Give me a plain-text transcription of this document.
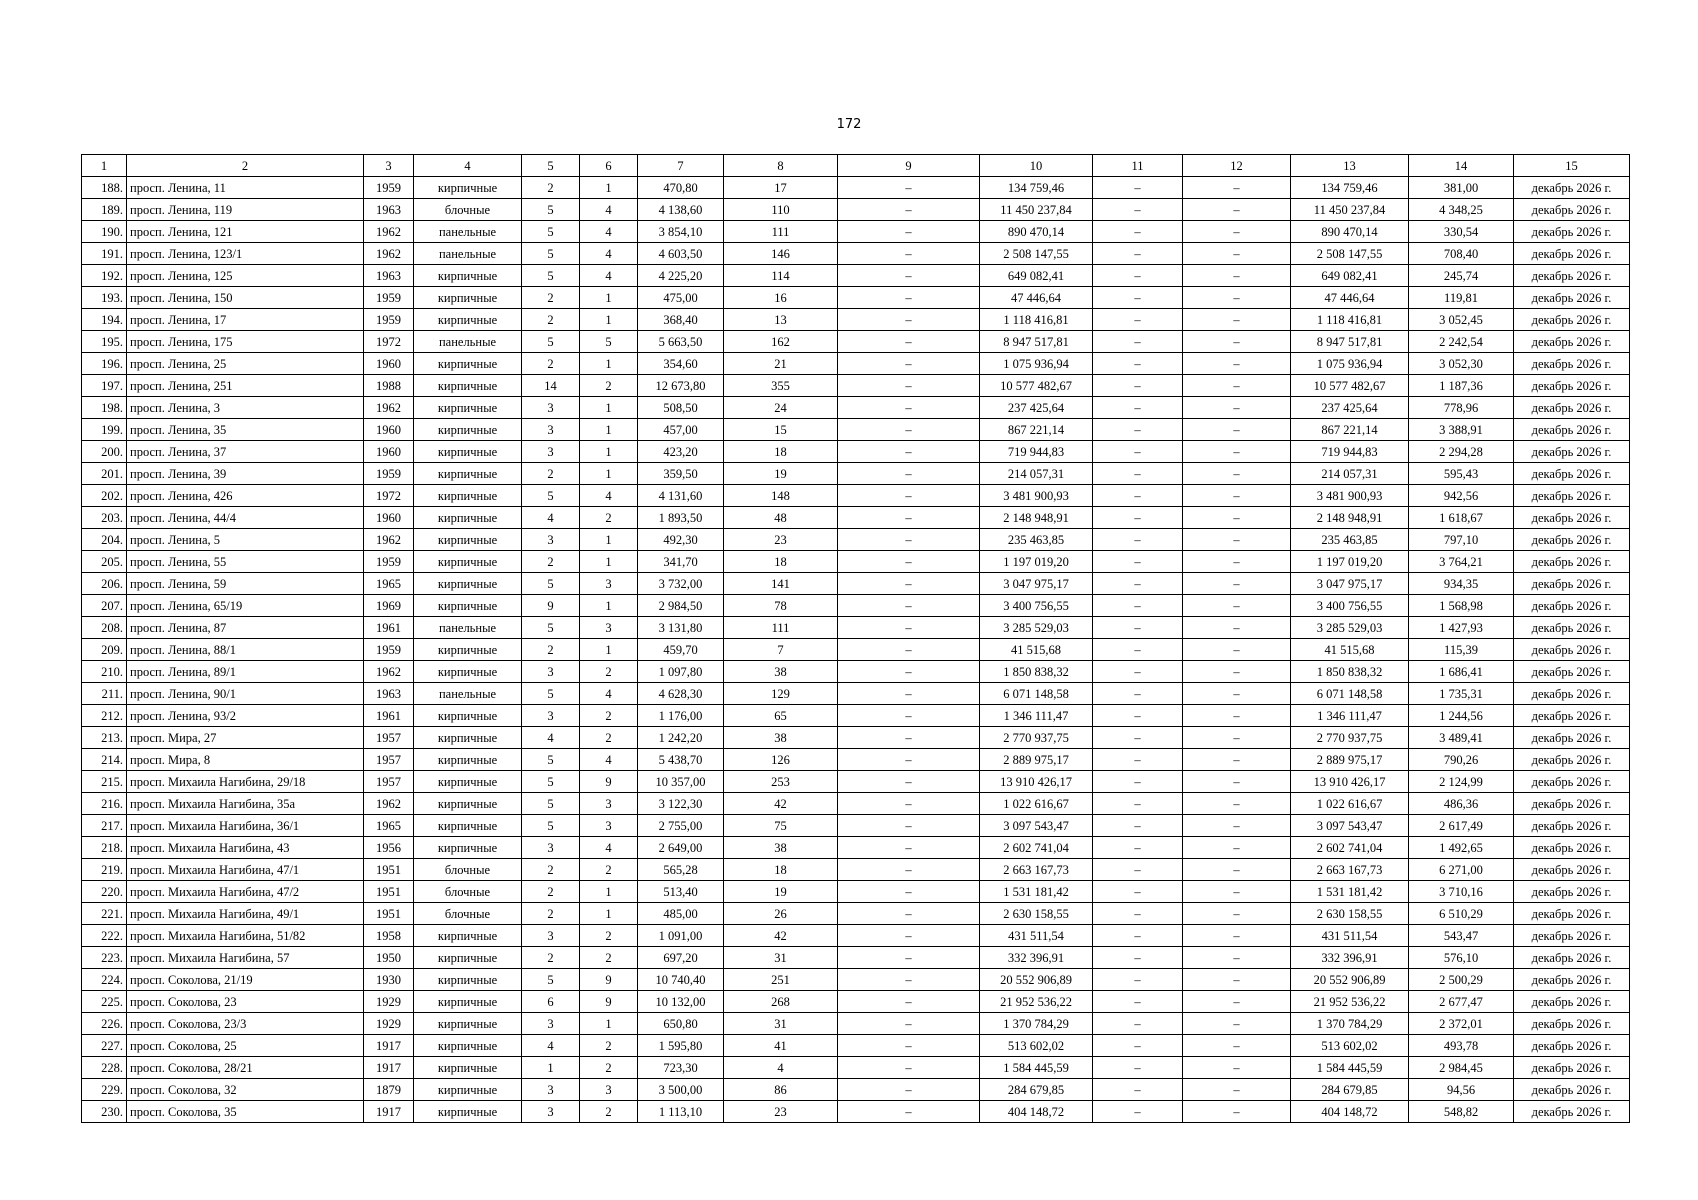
172
1	2	3	4	5	6	7	8	9	10	11	12	13	14	15
188.	просп. Ленина, 11	1959	кирпичные	2	1	470,80	17	–	134 759,46	–	–	134 759,46	381,00	декабрь 2026 г.
189.	просп. Ленина, 119	1963	блочные	5	4	4 138,60	110	–	11 450 237,84	–	–	11 450 237,84	4 348,25	декабрь 2026 г.
190.	просп. Ленина, 121	1962	панельные	5	4	3 854,10	111	–	890 470,14	–	–	890 470,14	330,54	декабрь 2026 г.
191.	просп. Ленина, 123/1	1962	панельные	5	4	4 603,50	146	–	2 508 147,55	–	–	2 508 147,55	708,40	декабрь 2026 г.
192.	просп. Ленина, 125	1963	кирпичные	5	4	4 225,20	114	–	649 082,41	–	–	649 082,41	245,74	декабрь 2026 г.
193.	просп. Ленина, 150	1959	кирпичные	2	1	475,00	16	–	47 446,64	–	–	47 446,64	119,81	декабрь 2026 г.
194.	просп. Ленина, 17	1959	кирпичные	2	1	368,40	13	–	1 118 416,81	–	–	1 118 416,81	3 052,45	декабрь 2026 г.
195.	просп. Ленина, 175	1972	панельные	5	5	5 663,50	162	–	8 947 517,81	–	–	8 947 517,81	2 242,54	декабрь 2026 г.
196.	просп. Ленина, 25	1960	кирпичные	2	1	354,60	21	–	1 075 936,94	–	–	1 075 936,94	3 052,30	декабрь 2026 г.
197.	просп. Ленина, 251	1988	кирпичные	14	2	12 673,80	355	–	10 577 482,67	–	–	10 577 482,67	1 187,36	декабрь 2026 г.
198.	просп. Ленина, 3	1962	кирпичные	3	1	508,50	24	–	237 425,64	–	–	237 425,64	778,96	декабрь 2026 г.
199.	просп. Ленина, 35	1960	кирпичные	3	1	457,00	15	–	867 221,14	–	–	867 221,14	3 388,91	декабрь 2026 г.
200.	просп. Ленина, 37	1960	кирпичные	3	1	423,20	18	–	719 944,83	–	–	719 944,83	2 294,28	декабрь 2026 г.
201.	просп. Ленина, 39	1959	кирпичные	2	1	359,50	19	–	214 057,31	–	–	214 057,31	595,43	декабрь 2026 г.
202.	просп. Ленина, 426	1972	кирпичные	5	4	4 131,60	148	–	3 481 900,93	–	–	3 481 900,93	942,56	декабрь 2026 г.
203.	просп. Ленина, 44/4	1960	кирпичные	4	2	1 893,50	48	–	2 148 948,91	–	–	2 148 948,91	1 618,67	декабрь 2026 г.
204.	просп. Ленина, 5	1962	кирпичные	3	1	492,30	23	–	235 463,85	–	–	235 463,85	797,10	декабрь 2026 г.
205.	просп. Ленина, 55	1959	кирпичные	2	1	341,70	18	–	1 197 019,20	–	–	1 197 019,20	3 764,21	декабрь 2026 г.
206.	просп. Ленина, 59	1965	кирпичные	5	3	3 732,00	141	–	3 047 975,17	–	–	3 047 975,17	934,35	декабрь 2026 г.
207.	просп. Ленина, 65/19	1969	кирпичные	9	1	2 984,50	78	–	3 400 756,55	–	–	3 400 756,55	1 568,98	декабрь 2026 г.
208.	просп. Ленина, 87	1961	панельные	5	3	3 131,80	111	–	3 285 529,03	–	–	3 285 529,03	1 427,93	декабрь 2026 г.
209.	просп. Ленина, 88/1	1959	кирпичные	2	1	459,70	7	–	41 515,68	–	–	41 515,68	115,39	декабрь 2026 г.
210.	просп. Ленина, 89/1	1962	кирпичные	3	2	1 097,80	38	–	1 850 838,32	–	–	1 850 838,32	1 686,41	декабрь 2026 г.
211.	просп. Ленина, 90/1	1963	панельные	5	4	4 628,30	129	–	6 071 148,58	–	–	6 071 148,58	1 735,31	декабрь 2026 г.
212.	просп. Ленина, 93/2	1961	кирпичные	3	2	1 176,00	65	–	1 346 111,47	–	–	1 346 111,47	1 244,56	декабрь 2026 г.
213.	просп. Мира, 27	1957	кирпичные	4	2	1 242,20	38	–	2 770 937,75	–	–	2 770 937,75	3 489,41	декабрь 2026 г.
214.	просп. Мира, 8	1957	кирпичные	5	4	5 438,70	126	–	2 889 975,17	–	–	2 889 975,17	790,26	декабрь 2026 г.
215.	просп. Михаила Нагибина, 29/18	1957	кирпичные	5	9	10 357,00	253	–	13 910 426,17	–	–	13 910 426,17	2 124,99	декабрь 2026 г.
216.	просп. Михаила Нагибина, 35а	1962	кирпичные	5	3	3 122,30	42	–	1 022 616,67	–	–	1 022 616,67	486,36	декабрь 2026 г.
217.	просп. Михаила Нагибина, 36/1	1965	кирпичные	5	3	2 755,00	75	–	3 097 543,47	–	–	3 097 543,47	2 617,49	декабрь 2026 г.
218.	просп. Михаила Нагибина, 43	1956	кирпичные	3	4	2 649,00	38	–	2 602 741,04	–	–	2 602 741,04	1 492,65	декабрь 2026 г.
219.	просп. Михаила Нагибина, 47/1	1951	блочные	2	2	565,28	18	–	2 663 167,73	–	–	2 663 167,73	6 271,00	декабрь 2026 г.
220.	просп. Михаила Нагибина, 47/2	1951	блочные	2	1	513,40	19	–	1 531 181,42	–	–	1 531 181,42	3 710,16	декабрь 2026 г.
221.	просп. Михаила Нагибина, 49/1	1951	блочные	2	1	485,00	26	–	2 630 158,55	–	–	2 630 158,55	6 510,29	декабрь 2026 г.
222.	просп. Михаила Нагибина, 51/82	1958	кирпичные	3	2	1 091,00	42	–	431 511,54	–	–	431 511,54	543,47	декабрь 2026 г.
223.	просп. Михаила Нагибина, 57	1950	кирпичные	2	2	697,20	31	–	332 396,91	–	–	332 396,91	576,10	декабрь 2026 г.
224.	просп. Соколова, 21/19	1930	кирпичные	5	9	10 740,40	251	–	20 552 906,89	–	–	20 552 906,89	2 500,29	декабрь 2026 г.
225.	просп. Соколова, 23	1929	кирпичные	6	9	10 132,00	268	–	21 952 536,22	–	–	21 952 536,22	2 677,47	декабрь 2026 г.
226.	просп. Соколова, 23/3	1929	кирпичные	3	1	650,80	31	–	1 370 784,29	–	–	1 370 784,29	2 372,01	декабрь 2026 г.
227.	просп. Соколова, 25	1917	кирпичные	4	2	1 595,80	41	–	513 602,02	–	–	513 602,02	493,78	декабрь 2026 г.
228.	просп. Соколова, 28/21	1917	кирпичные	1	2	723,30	4	–	1 584 445,59	–	–	1 584 445,59	2 984,45	декабрь 2026 г.
229.	просп. Соколова, 32	1879	кирпичные	3	3	3 500,00	86	–	284 679,85	–	–	284 679,85	94,56	декабрь 2026 г.
230.	просп. Соколова, 35	1917	кирпичные	3	2	1 113,10	23	–	404 148,72	–	–	404 148,72	548,82	декабрь 2026 г.
